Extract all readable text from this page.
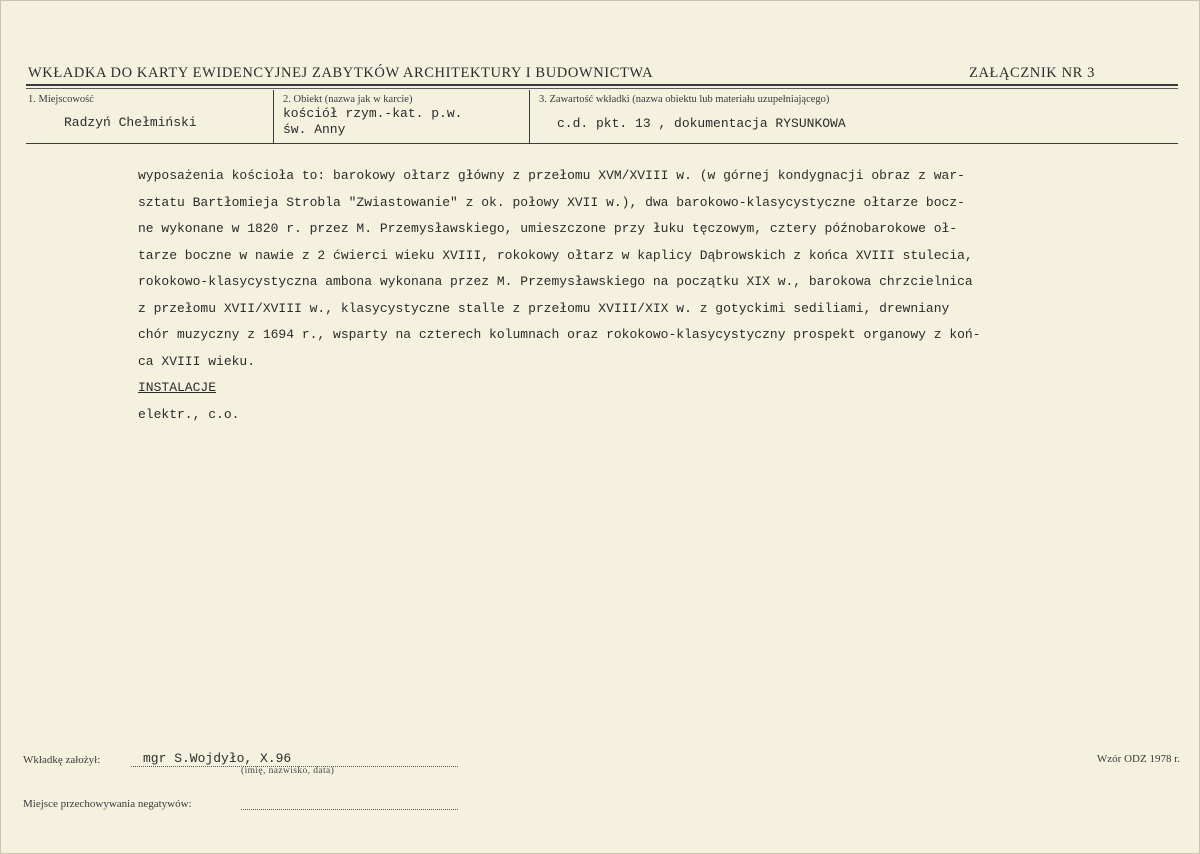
WKŁADKA DO KARTY EWIDENCYJNEJ ZABYTKÓW ARCHITEKTURY I BUDOWNICTWA	ZAŁĄCZNIK NR 3
1. Miejscowość
Radzyń Chełmiński
2. Obiekt (nazwa jak w karcie)
kościół rzym.-kat. p.w.
św. Anny
3. Zawartość wkładki (nazwa obiektu lub materiału uzupełniającego)
c.d. pkt. 13 , dokumentacja RYSUNKOWA
wyposażenia kościoła to: barokowy ołtarz główny z przełomu XVМ/XVIII w. (w górnej kondygnacji obraz z war-
sztatu Bartłomieja Strobla "Zwiastowanie" z ok. połowy XVII w.), dwa barokowo-klasycystyczne ołtarze bocz-
ne wykonane w 1820 r. przez M. Przemysławskiego, umieszczone przy łuku tęczowym, cztery późnobarokowe oł-
tarze boczne w nawie z 2 ćwierci wieku XVIII, rokokowy ołtarz w kaplicy Dąbrowskich z końca XVIII stulecia,
rokokowo-klasycystyczna ambona wykonana przez M. Przemysławskiego na początku XIX w., barokowa chrzcielnica
z przełomu XVII/XVIII w., klasycystyczne stalle z przełomu XVIII/XIX w. z gotyckimi sediliami, drewniany
chór muzyczny z 1694 r., wsparty na czterech kolumnach oraz rokokowo-klasycystyczny prospekt organowy z koń-
ca XVIII wieku.
INSTALACJE
elektr., c.o.
Wkładkę założył:	mgr S.Wojdyło, X.96
(imię, nazwisko, data)
Wzór ODZ 1978 r.
Miejsce przechowywania negatywów:
